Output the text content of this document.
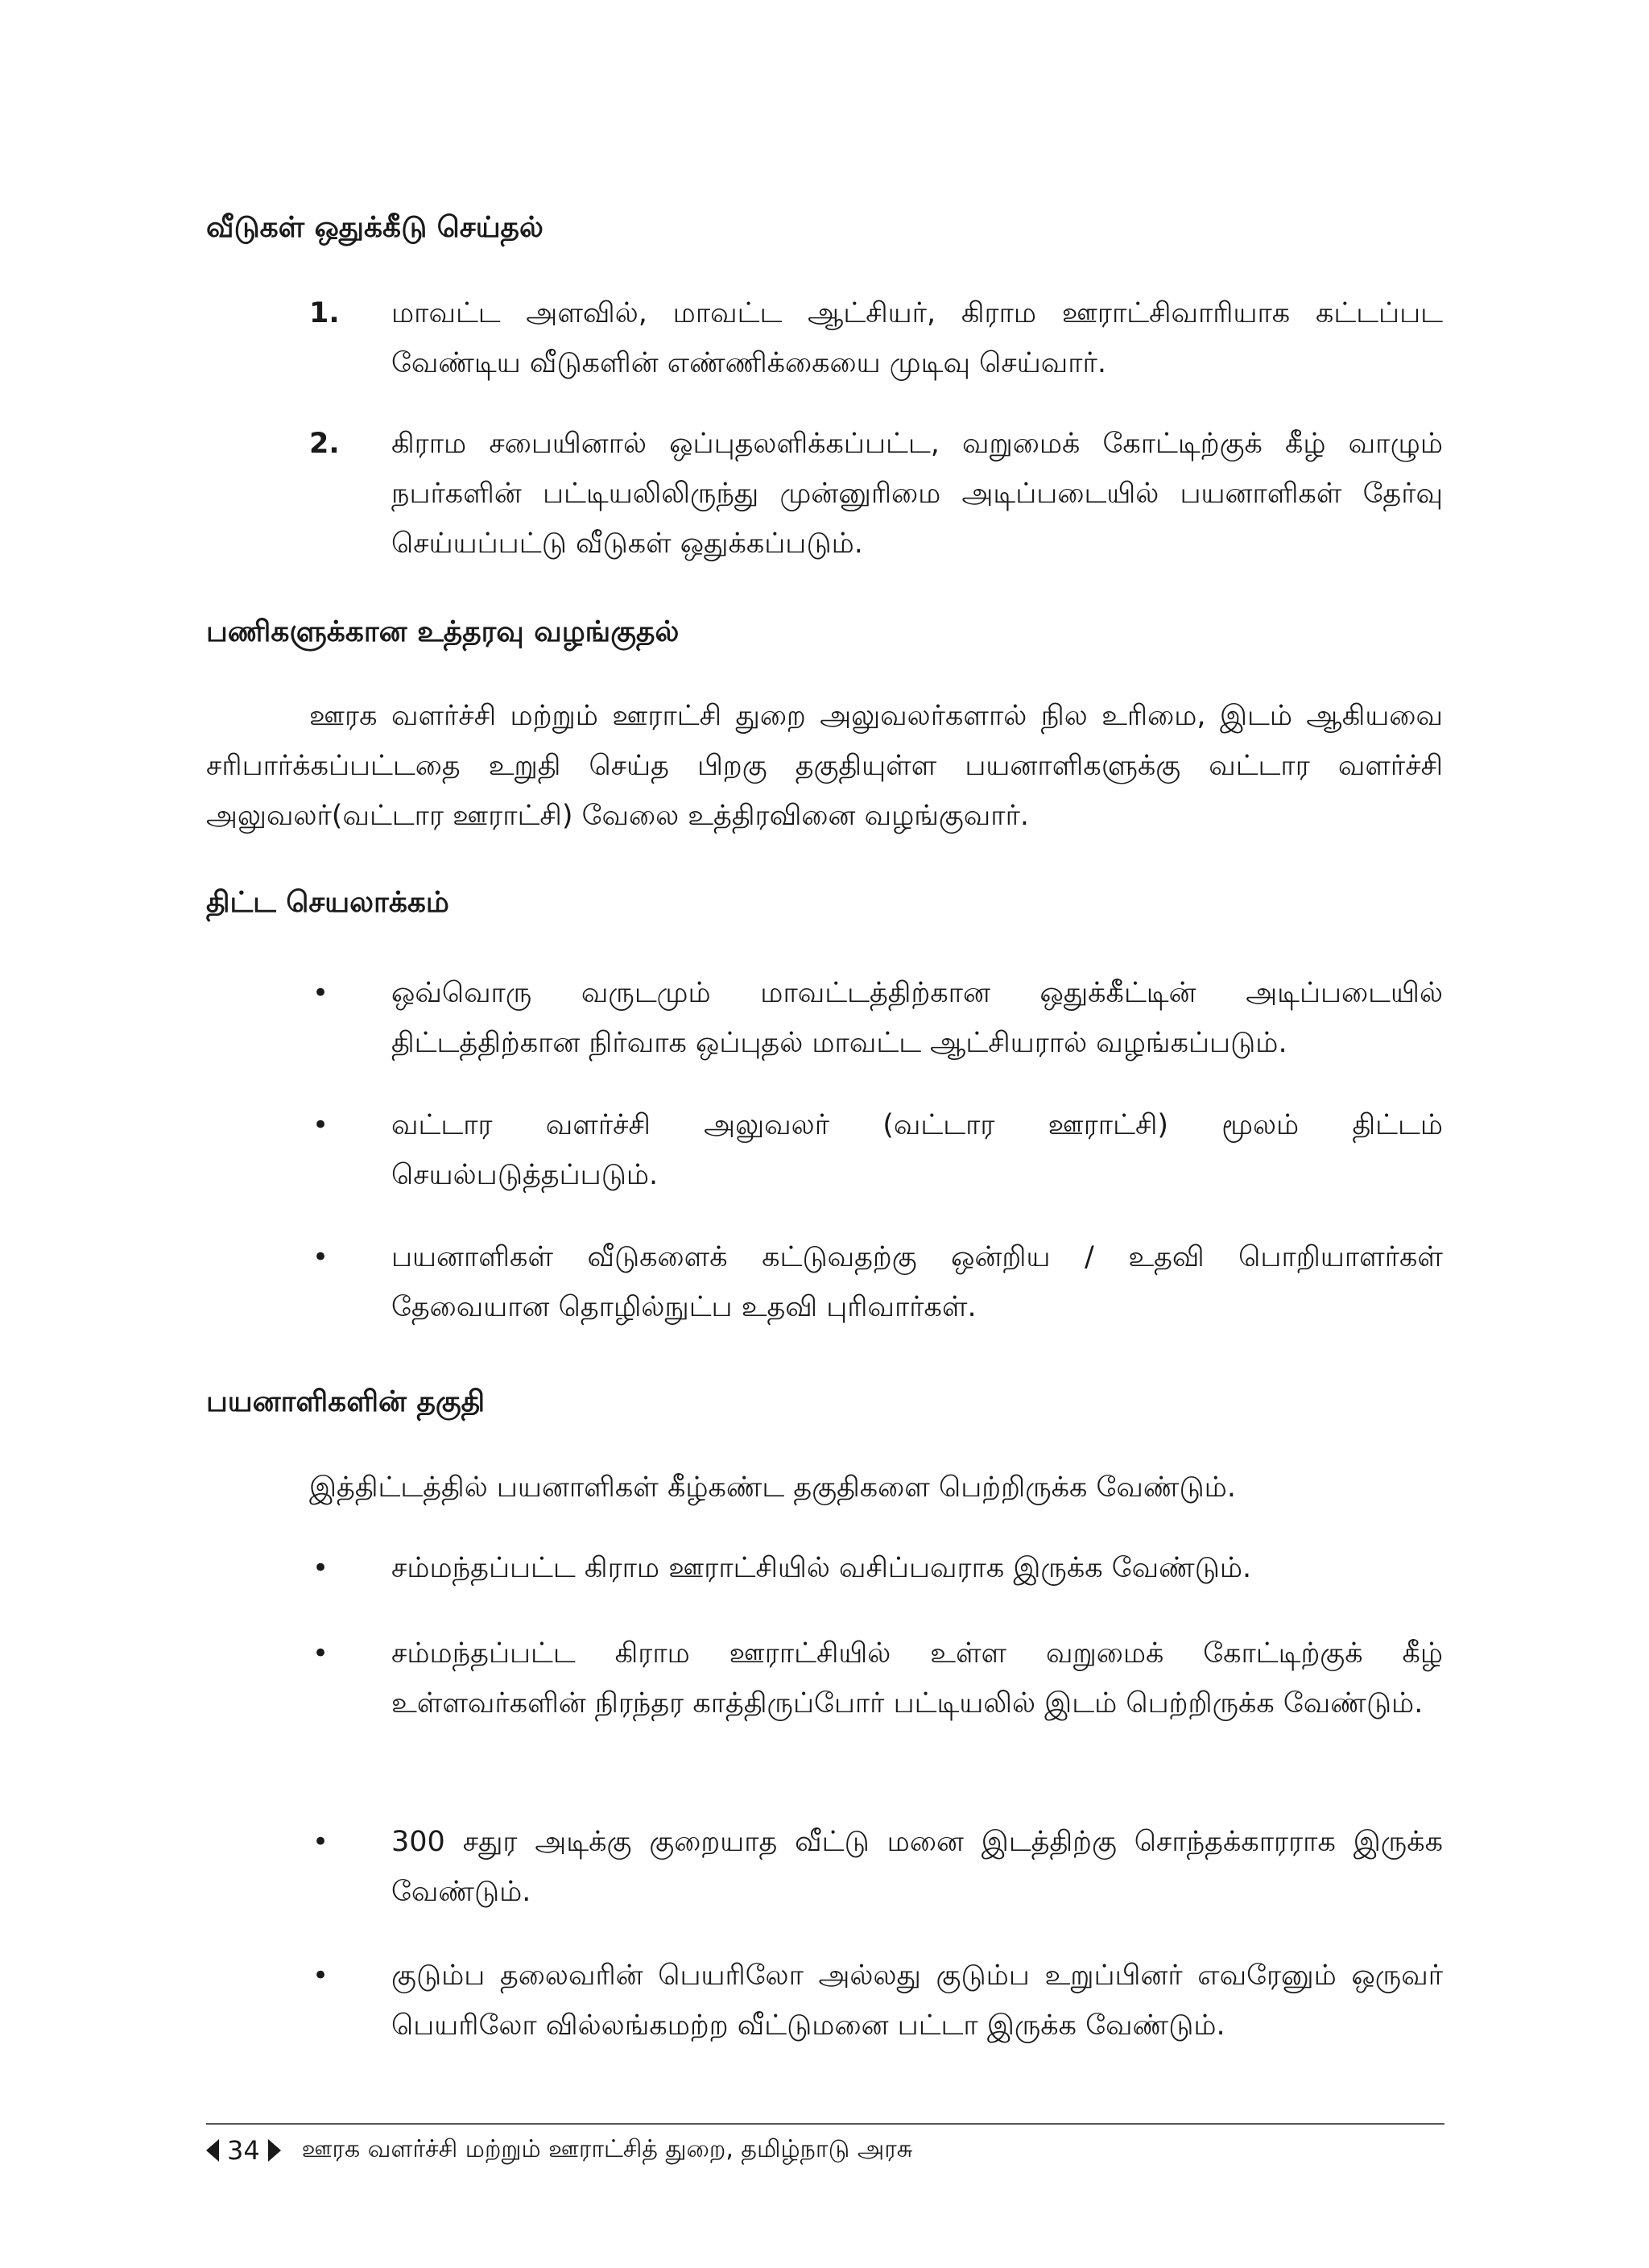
வீடுகள் ஒதுக்கீடு செய்தல்
1. மாவட்ட அளவில், மாவட்ட ஆட்சியர், கிராம ஊராட்சிவாரியாக கட்டப்பட வேண்டிய வீடுகளின் எண்ணிக்கையை முடிவு செய்வார்.
2. கிராம சபையினால் ஒப்புதலளிக்கப்பட்ட, வறுமைக் கோட்டிற்குக் கீழ் வாழும் நபர்களின் பட்டியலிலிருந்து முன்னுரிமை அடிப்படையில் பயனாளிகள் தேர்வு செய்யப்பட்டு வீடுகள் ஒதுக்கப்படும்.
பணிகளுக்கான உத்தரவு வழங்குதல்
ஊரக வளர்ச்சி மற்றும் ஊராட்சி துறை அலுவலர்களால் நில உரிமை, இடம் ஆகியவை சரிபார்க்கப்பட்டதை உறுதி செய்த பிறகு தகுதியுள்ள பயனாளிகளுக்கு வட்டார வளர்ச்சி அலுவலர்(வட்டார ஊராட்சி) வேலை உத்திரவினை வழங்குவார்.
திட்ட செயலாக்கம்
• ஒவ்வொரு வருடமும் மாவட்டத்திற்கான ஒதுக்கீட்டின் அடிப்படையில் திட்டத்திற்கான நிர்வாக ஒப்புதல் மாவட்ட ஆட்சியரால் வழங்கப்படும்.
• வட்டார வளர்ச்சி அலுவலர் (வட்டார ஊராட்சி) மூலம் திட்டம் செயல்படுத்தப்படும்.
• பயனாளிகள் வீடுகளைக் கட்டுவதற்கு ஒன்றிய / உதவி பொறியாளர்கள் தேவையான தொழில்நுட்ப உதவி புரிவார்கள்.
பயனாளிகளின் தகுதி
இத்திட்டத்தில் பயனாளிகள் கீழ்கண்ட தகுதிகளை பெற்றிருக்க வேண்டும்.
• சம்மந்தப்பட்ட கிராம ஊராட்சியில் வசிப்பவராக இருக்க வேண்டும்.
• சம்மந்தப்பட்ட கிராம ஊராட்சியில் உள்ள வறுமைக் கோட்டிற்குக் கீழ் உள்ளவர்களின் நிரந்தர காத்திருப்போர் பட்டியலில் இடம் பெற்றிருக்க வேண்டும்.
• 300 சதுர அடிக்கு குறையாத வீட்டு மனை இடத்திற்கு சொந்தக்காரராக இருக்க வேண்டும்.
• குடும்ப தலைவரின் பெயரிலோ அல்லது குடும்ப உறுப்பினர் எவரேனும் ஒருவர் பெயரிலோ வில்லங்கமற்ற வீட்டுமனை பட்டா இருக்க வேண்டும்.
34 ஊரக வளர்ச்சி மற்றும் ஊராட்சித் துறை, தமிழ்நாடு அரசு
